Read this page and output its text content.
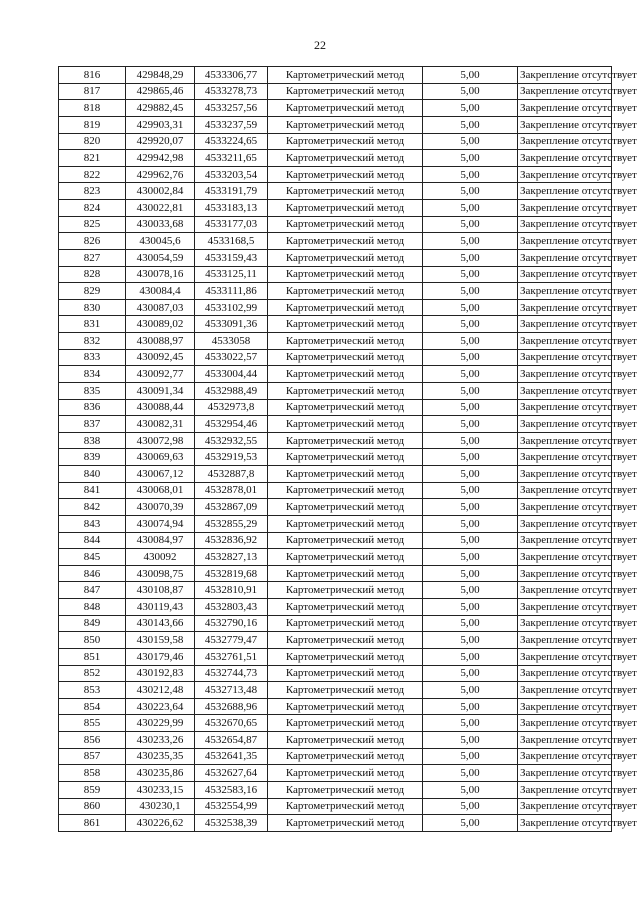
22
816	429848,29	4533306,77	Картометрический метод	5,00	Закрепление отсутствует
817	429865,46	4533278,73	Картометрический метод	5,00	Закрепление отсутствует
818	429882,45	4533257,56	Картометрический метод	5,00	Закрепление отсутствует
819	429903,31	4533237,59	Картометрический метод	5,00	Закрепление отсутствует
820	429920,07	4533224,65	Картометрический метод	5,00	Закрепление отсутствует
821	429942,98	4533211,65	Картометрический метод	5,00	Закрепление отсутствует
822	429962,76	4533203,54	Картометрический метод	5,00	Закрепление отсутствует
823	430002,84	4533191,79	Картометрический метод	5,00	Закрепление отсутствует
824	430022,81	4533183,13	Картометрический метод	5,00	Закрепление отсутствует
825	430033,68	4533177,03	Картометрический метод	5,00	Закрепление отсутствует
826	430045,6	4533168,5	Картометрический метод	5,00	Закрепление отсутствует
827	430054,59	4533159,43	Картометрический метод	5,00	Закрепление отсутствует
828	430078,16	4533125,11	Картометрический метод	5,00	Закрепление отсутствует
829	430084,4	4533111,86	Картометрический метод	5,00	Закрепление отсутствует
830	430087,03	4533102,99	Картометрический метод	5,00	Закрепление отсутствует
831	430089,02	4533091,36	Картометрический метод	5,00	Закрепление отсутствует
832	430088,97	4533058	Картометрический метод	5,00	Закрепление отсутствует
833	430092,45	4533022,57	Картометрический метод	5,00	Закрепление отсутствует
834	430092,77	4533004,44	Картометрический метод	5,00	Закрепление отсутствует
835	430091,34	4532988,49	Картометрический метод	5,00	Закрепление отсутствует
836	430088,44	4532973,8	Картометрический метод	5,00	Закрепление отсутствует
837	430082,31	4532954,46	Картометрический метод	5,00	Закрепление отсутствует
838	430072,98	4532932,55	Картометрический метод	5,00	Закрепление отсутствует
839	430069,63	4532919,53	Картометрический метод	5,00	Закрепление отсутствует
840	430067,12	4532887,8	Картометрический метод	5,00	Закрепление отсутствует
841	430068,01	4532878,01	Картометрический метод	5,00	Закрепление отсутствует
842	430070,39	4532867,09	Картометрический метод	5,00	Закрепление отсутствует
843	430074,94	4532855,29	Картометрический метод	5,00	Закрепление отсутствует
844	430084,97	4532836,92	Картометрический метод	5,00	Закрепление отсутствует
845	430092	4532827,13	Картометрический метод	5,00	Закрепление отсутствует
846	430098,75	4532819,68	Картометрический метод	5,00	Закрепление отсутствует
847	430108,87	4532810,91	Картометрический метод	5,00	Закрепление отсутствует
848	430119,43	4532803,43	Картометрический метод	5,00	Закрепление отсутствует
849	430143,66	4532790,16	Картометрический метод	5,00	Закрепление отсутствует
850	430159,58	4532779,47	Картометрический метод	5,00	Закрепление отсутствует
851	430179,46	4532761,51	Картометрический метод	5,00	Закрепление отсутствует
852	430192,83	4532744,73	Картометрический метод	5,00	Закрепление отсутствует
853	430212,48	4532713,48	Картометрический метод	5,00	Закрепление отсутствует
854	430223,64	4532688,96	Картометрический метод	5,00	Закрепление отсутствует
855	430229,99	4532670,65	Картометрический метод	5,00	Закрепление отсутствует
856	430233,26	4532654,87	Картометрический метод	5,00	Закрепление отсутствует
857	430235,35	4532641,35	Картометрический метод	5,00	Закрепление отсутствует
858	430235,86	4532627,64	Картометрический метод	5,00	Закрепление отсутствует
859	430233,15	4532583,16	Картометрический метод	5,00	Закрепление отсутствует
860	430230,1	4532554,99	Картометрический метод	5,00	Закрепление отсутствует
861	430226,62	4532538,39	Картометрический метод	5,00	Закрепление отсутствует
